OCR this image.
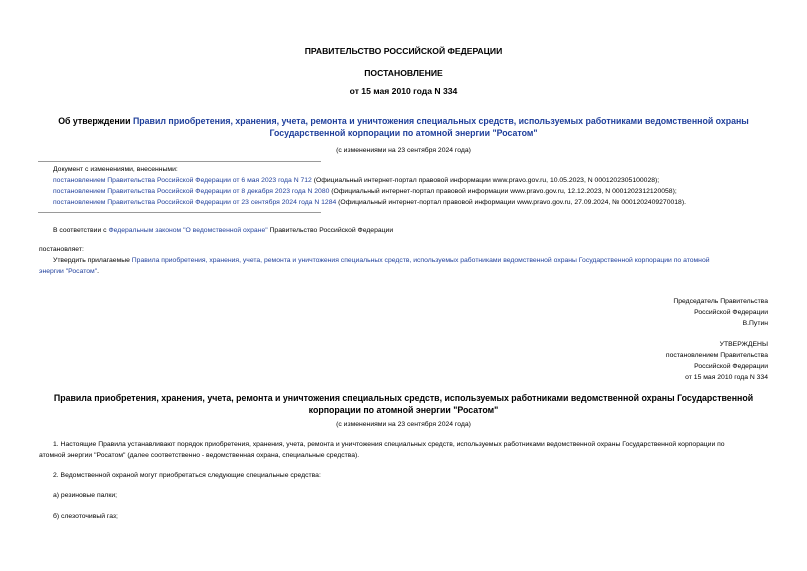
ПРАВИТЕЛЬСТВО РОССИЙСКОЙ ФЕДЕРАЦИИ
ПОСТАНОВЛЕНИЕ
от 15 мая 2010 года N 334
Об утверждении Правил приобретения, хранения, учета, ремонта и уничтожения специальных средств, используемых работниками ведомственной охраны
Государственной корпорации по атомной энергии "Росатом"
(с изменениями на 23 сентября 2024 года)
Документ с изменениями, внесенными:
постановлением Правительства Российской Федерации от 6 мая 2023 года N 712 (Официальный интернет-портал правовой информации www.pravo.gov.ru, 10.05.2023, N 0001202305100028);
постановлением Правительства Российской Федерации от 8 декабря 2023 года N 2080 (Официальный интернет-портал правовой информации www.pravo.gov.ru, 12.12.2023, N 0001202312120058);
постановлением Правительства Российской Федерации от 23 сентября 2024 года N 1284 (Официальный интернет-портал правовой информации www.pravo.gov.ru, 27.09.2024, № 0001202409270018).
В соответствии с Федеральным законом "О ведомственной охране" Правительство Российской Федерации
постановляет:
Утвердить прилагаемые Правила приобретения, хранения, учета, ремонта и уничтожения специальных средств, используемых работниками ведомственной охраны Государственной корпорации по атомной
энергии "Росатом".
Председатель Правительства
Российской Федерации
В.Путин
УТВЕРЖДЕНЫ
постановлением Правительства
Российской Федерации
от 15 мая 2010 года N 334
Правила приобретения, хранения, учета, ремонта и уничтожения специальных средств, используемых работниками ведомственной охраны Государственной
корпорации по атомной энергии "Росатом"
(с изменениями на 23 сентября 2024 года)
1. Настоящие Правила устанавливают порядок приобретения, хранения, учета, ремонта и уничтожения специальных средств, используемых работниками ведомственной охраны Государственной корпорации по
атомной энергии "Росатом" (далее соответственно - ведомственная охрана, специальные средства).
2. Ведомственной охраной могут приобретаться следующие специальные средства:
а) резиновые палки;
б) слезоточивый газ;
